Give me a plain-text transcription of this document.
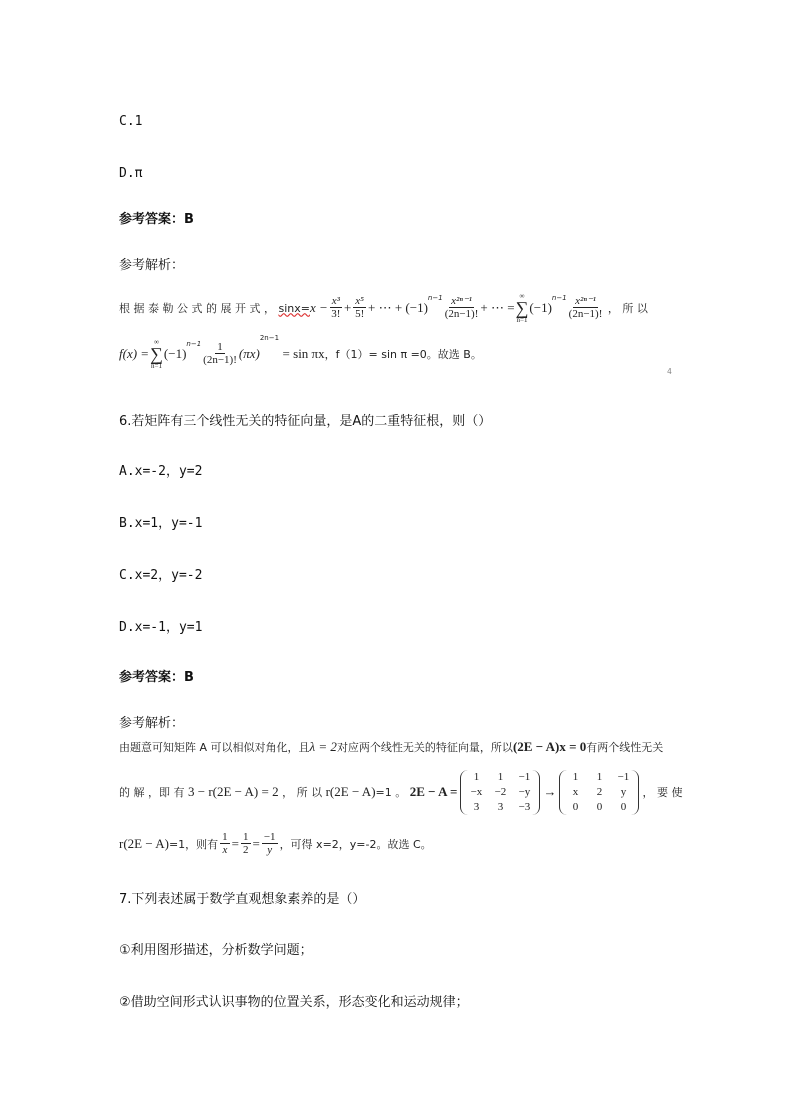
C.1
D.π
参考答案：B
参考解析：
根 据 泰 勒 公 式 的 展 开 式 ，
$\sin x= x - \frac{\text{x³}}{3!} + \frac{\text{x⁵}}{5!}$ + ⋯ + (−1)
$^{n-1} \frac{\text{x²ⁿ⁻¹}}{(2n-1)!}$ + ⋯ =
∞
∑
n=1
(−1)
$^{n-1} \frac{\text{x²ⁿ⁻¹}}{(2n-1)!}$
， 所 以
f(x) =
∞
∑
n=1
(−1)
$^{n-1} \frac{1}{(2n-1)!} (\pi x)$
2n−1

= sin πx ，f（1）= sin π =0。故选 B。
4
6.若矩阵有三个线性无关的特征向量，是A的二重特征根，则（）
A.x=-2，y=2
B.x=1，y=-1
C.x=2，y=-2
D.x=-1，y=1
参考答案：B
参考解析：
由题意可知矩阵 A 可以相似对角化，且 λ = 2 对应两个线性无关的特征向量，所以 (2E − A)x = 0 有两个线性无关
的 解 ，即 有
3 − r(2E − A) = 2
， 所 以
r(2E − A) =1 。
2E − A =
1	1	−1
−x	−2	−y
3	3	−3
→
1	1	−1
x	2	y
0	0	0
， 要 使
r(2E − A) =1，则有 $\frac{1}{x} = \frac{1}{2} = \frac{-1}{y}$ ，可得 x=2，y=-2。故选 C。
7.下列表述属于数学直观想象素养的是（）
①利用图形描述，分析数学问题；
②借助空间形式认识事物的位置关系，形态变化和运动规律；
